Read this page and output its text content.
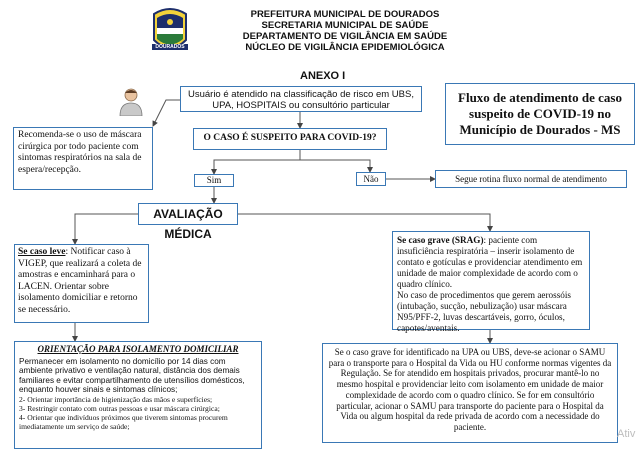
DOURADOS
PREFEITURA MUNICIPAL DE DOURADOS
SECRETARIA MUNICIPAL DE SAÚDE
DEPARTAMENTO DE VIGILÂNCIA EM SAÚDE
NÚCLEO DE VIGILÂNCIA EPIDEMIOLÓGICA
ANEXO I
Usuário é atendido na classificação de risco em UBS, UPA, HOSPITAIS ou consultório particular
Fluxo de atendimento de caso suspeito de COVID-19 no Município de Dourados - MS
Recomenda-se o uso de máscara cirúrgica por todo paciente com sintomas respiratórios na sala de espera/recepção.
O CASO É SUSPEITO PARA COVID-19?
Sim	Não	Segue rotina fluxo normal de atendimento
AVALIAÇÃO MÉDICA
Se caso leve: Notificar caso à VIGEP, que realizará a coleta de amostras e encaminhará para o LACEN. Orientar sobre isolamento domiciliar e retorno se necessário.
Se caso grave (SRAG): paciente com insuficiência respiratória – inserir isolamento de contato e gotículas e providenciar atendimento em unidade de maior complexidade de acordo com o quadro clínico.
No caso de procedimentos que gerem aerossóis (intubação, sucção, nebulização) usar máscara N95/PFF-2, luvas descartáveis, gorro, óculos, capotes/aventais.
ORIENTAÇÃO PARA ISOLAMENTO DOMICILIAR
Permanecer em isolamento no domicílio por 14 dias com ambiente privativo e ventilação natural, distância dos demais familiares e evitar compartilhamento de utensílios domésticos, enquanto houver sinais e sintomas clínicos;
2- Orientar importância de higienização das mãos e superfícies;
3- Restringir contato com outras pessoas e usar máscara cirúrgica;
4- Orientar que indivíduos próximos que tiverem sintomas procurem imediatamente um serviço de saúde;
Se o caso grave for identificado na UPA ou UBS, deve-se acionar o SAMU para o transporte para o Hospital da Vida ou HU conforme normas vigentes da Regulação. Se for atendido em hospitais privados, procurar mantê-lo no mesmo hospital e providenciar leito com isolamento em unidade de maior complexidade de acordo com o quadro clínico. Se for em consultório particular, acionar o SAMU para transporte do paciente para o Hospital da Vida ou algum hospital da rede privada de acordo com a necessidade do paciente.
Ativ
